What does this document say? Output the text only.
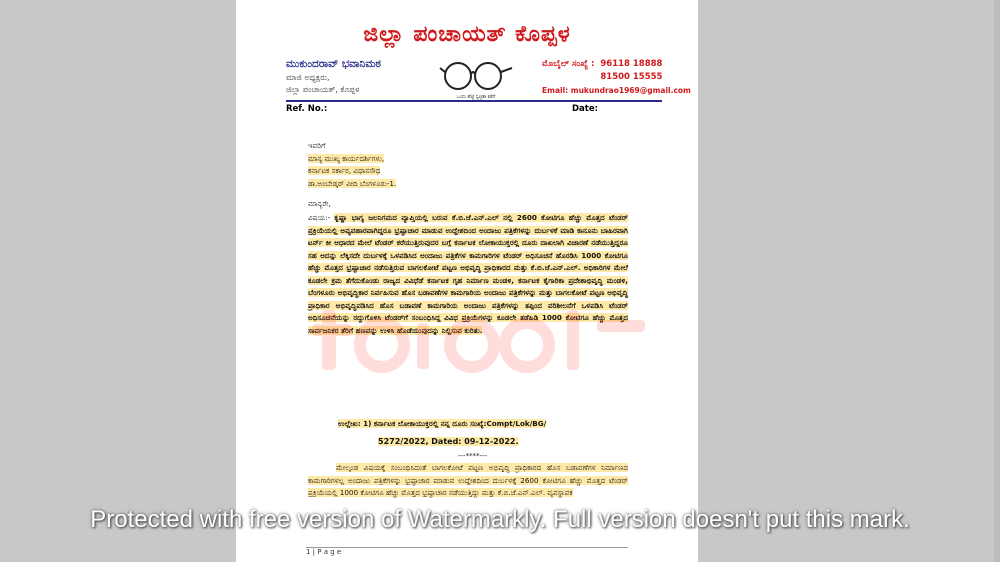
ಜಿಲ್ಲಾ ಪಂಚಾಯತ್ ಕೊಪ್ಪಳ
ಮುಕುಂದರಾವ್ ಭವಾನಿಮಠ
ಮಾಜಿ ಅಧ್ಯಕ್ಷರು,
ಜಿಲ್ಲಾ ಪಂಚಾಯತ್, ಕೊಪ್ಪಳ
ಒಂದು ಹೆಜ್ಜೆ ಸ್ವಚ್ಛತಾ ಕಡೆಗೆ
ಮೊಬೈಲ್ ಸಂಖ್ಯೆ : 96118 18888
81500 15555
Email: mukundrao1969@gmail.com
Ref. No.:	Date:
ಇವರಿಗೆ
ಮಾನ್ಯ ಮುಖ್ಯ ಕಾರ್ಯದರ್ಶಿಗಳು,
ಕರ್ನಾಟಕ ಸರ್ಕಾರ, ವಿಧಾನಸೌಧ
ಡಾ.ಅಂಬೇಡ್ಕರ್ ವೀದಿ ಬೆಂಗಳೂರು-1.
ಮಾನ್ಯರೇ,

ವಿಷಯ:- ಕೃಷ್ಣಾ ಭಾಗ್ಯ ಜಲನಿಗಮದ ವ್ಯಾಪ್ತಿಯಲ್ಲಿ ಬರುವ ಕೆ.ಬಿ.ಜೆ.ಎನ್.ಎಲ್ ನಲ್ಲಿ 2600 ಕೋಟಿಗೂ ಹೆಚ್ಚು ಮೊತ್ತದ ಟೆಂಡರ್ ಪ್ರಕ್ರಿಯೆಯಲ್ಲಿ ಅವ್ಯವಹಾರವಾಗಿದ್ದರೂ ಭ್ರಷ್ಟಾಚಾರ ಮಾಡುವ ಉದ್ದೇಶದಿಂದ ಅಂದಾಜು ಪತ್ರಿಕೆಗಳನ್ನು ದುರ್ಬಳಕೆ ಮಾಡಿ ಕಾನೂನು ಬಾಹಿರವಾಗಿ ಟರ್ನ್ ಕೀ ಆಧಾರದ ಮೇಲೆ ಟೆಂಡರ್ ಕರೆಯುತ್ತಿರುವುದರ ಬಗ್ಗೆ ಕರ್ನಾಟಕ ಲೋಕಾಯುಕ್ತರಲ್ಲಿ ದೂರು ದಾಖಲಾಗಿ ವಿಚಾರಣೆ ನಡೆಯುತ್ತಿದ್ದರೂ ಸಹ ಅದನ್ನು ಲೆಕ್ಕಿಸದೇ ದುರ್ಬಳಕ್ಕೆ ಒಳಪಡಿಸಿದ ಅಂದಾಜು ಪತ್ರಿಕೆಗಳ ಕಾಮಗಾರಿಗಳ ಟೆಂಡರ್ ಅಧಿಸೂಚನೆ ಹೊರಡಿಸಿ 1000 ಕೋಟಿಗೂ ಹೆಚ್ಚು ಮೊತ್ತದ ಭ್ರಷ್ಟಾಚಾರ ನಡೆಸುತ್ತಿರುವ ಬಾಗಲಕೋಟೆ ಪಟ್ಟಣ ಅಭಿವೃದ್ಧಿ ಪ್ರಾಧಿಕಾರದ ಮತ್ತು ಕೆ.ಬಿ.ಜೆ.ಎನ್.ಎಲ್. ಅಧಿಕಾರಿಗಳ ಮೇಲೆ ಕೂಡಲೇ ಕ್ರಮ ತೆಗೆದುಕೊಂಡು ರಾಜ್ಯದ ವಿವಿಧೆಡೆ ಕರ್ನಾಟಕ ಗೃಹ ನಿರ್ಮಾಣ ಮಂಡಳಿ, ಕರ್ನಾಟಕ ಕೈಗಾರಿಕಾ ಪ್ರದೇಶಾಭಿವೃದ್ಧಿ ಮಂಡಳಿ, ಬೆಂಗಳೂರು ಅಭಿವೃದ್ಧಿಕಾರ ನಿರ್ವಹಿಸುವ ಹೊಸ ಬಡಾವಣೆಗಳ ಕಾಮಗಾರಿಯ ಅಂದಾಜು ಪತ್ರಿಕೆಗಳನ್ನು ಮತ್ತು ಬಾಗಲಕೋಟೆ ಪಟ್ಟಣ ಅಭಿವೃದ್ಧಿ ಪ್ರಾಧಿಕಾರ ಅಭಿವೃದ್ಧಿಪಡಿಸಿದ ಹೊಸ ಬಡಾವಣೆ ಕಾಮಗಾರಿಯ ಅಂದಾಜು ಪತ್ರಿಕೆಗಳನ್ನು ತಪ್ಪಿಂದ ವರಿಶೀಲನೆಗೆ ಒಳಪಡಿಸಿ ಟೆಂಡರ್ ಅಧಿಸೂಚನೆಯನ್ನು ರದ್ದುಗೊಳಿಸಿ ಟೆಂಡರ್‌ಗೆ ಸಂಬಂಧಿಸಿದ್ದ ವಿವಿಧ ಪ್ರಕ್ರಿಯೆಗಳನ್ನು ಕೂಡಲೇ ತಡೆಹಿಡಿ 1000 ಕೋಟಿಗೂ ಹೆಚ್ಚು ಮೊತ್ತದ ಸಾರ್ವಜನಿಕರ ತೆರಿಗೆ ಹಣವನ್ನು ಉಳಿಸಿ ಹೊಡೆಯುವುದನ್ನು ನಿಲ್ಲಿಸುವ ಕುರಿತು.

ಉಲ್ಲೇಖ: 1) ಕರ್ನಾಟಕ ಲೋಕಾಯುಕ್ತರಲ್ಲಿ ನನ್ನ ದೂರು ಸಂಖ್ಯೆ:Compt/Lok/BG/
5272/2022, Dated: 09-12-2022.
---****---

ಮೇಲ್ಕಂಡ ವಿಷಯಕ್ಕೆ ಸಂಬಂಧಿಸಿದಂತೆ ಬಾಗಲಕೋಟೆ ಪಟ್ಟಣ ಅಭಿವೃದ್ಧಿ ಪ್ರಾಧಿಕಾರದ ಹೊಸ ಬಡಾವಣೆಗಳ ನಿರ್ಮಾಣದ ಕಾಮಗಾರಿಗಳಲ್ಲ ಅಂದಾಜು ಪತ್ರಿಕೆಗಳನ್ನು ಭ್ರಷ್ಟಾಚಾರ ಮಾಡುವ ಉದ್ದೇಶದಿಂದ ದುರ್ಬಳಕ್ಕೆ 2600 ಕೋಟಿಗೂ ಹೆಚ್ಚು ಮೊತ್ತದ ಟೆಂಡರ್ ಪ್ರಕ್ರಿಯೆಯಲ್ಲಿ 1000 ಕೋಟಿಗೂ ಹೆಚ್ಚು ಮೊತ್ತದ ಭ್ರಷ್ಟಾಚಾರ ನಡೆಯುತ್ತಿದ್ದು ಮತ್ತು ಕೆ.ಬಿ.ಜೆ.ಎನ್.ಎಲ್. ವ್ಯವಸ್ಥಾಪಕ

1 | P a g e
Protected with free version of Watermarkly. Full version doesn't put this mark.
